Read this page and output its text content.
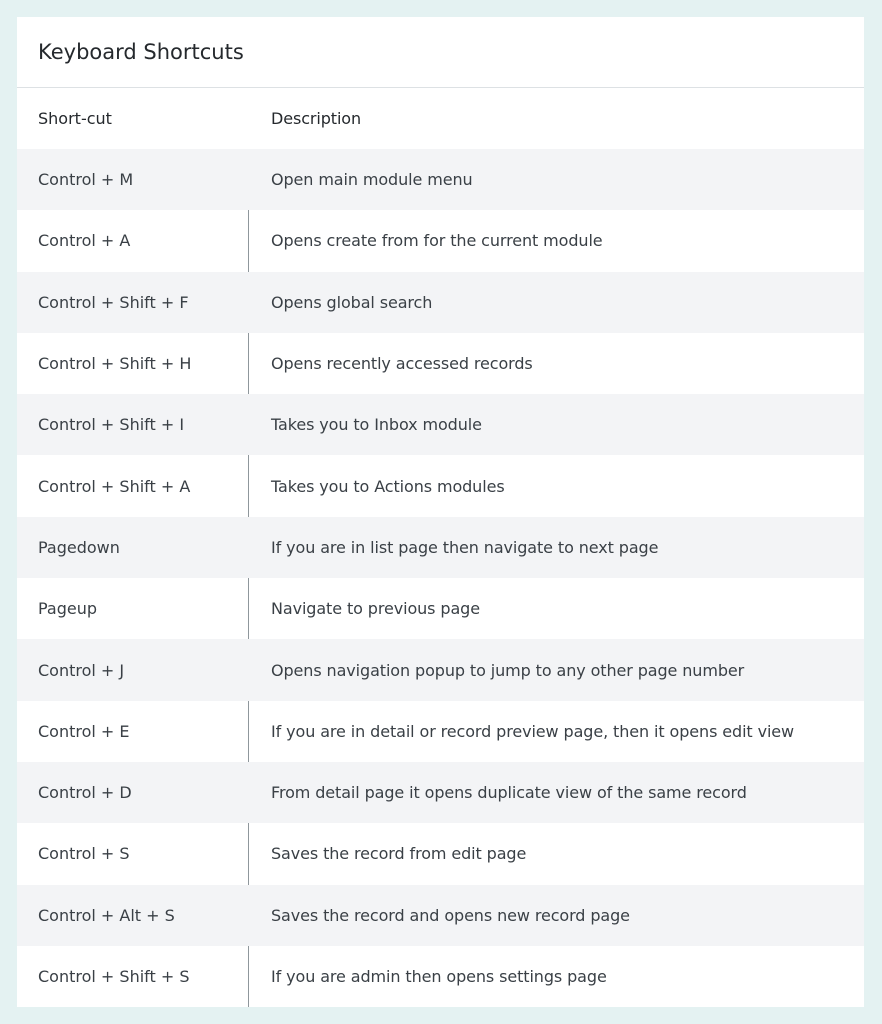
Keyboard Shortcuts
Short-cut	Description
Control + M	Open main module menu
Control + A	Opens create from for the current module
Control + Shift + F	Opens global search
Control + Shift + H	Opens recently accessed records
Control + Shift + I	Takes you to Inbox module
Control + Shift + A	Takes you to Actions modules
Pagedown	If you are in list page then navigate to next page
Pageup	Navigate to previous page
Control + J	Opens navigation popup to jump to any other page number
Control + E	If you are in detail or record preview page, then it opens edit view
Control + D	From detail page it opens duplicate view of the same record
Control + S	Saves the record from edit page
Control + Alt + S	Saves the record and opens new record page
Control + Shift + S	If you are admin then opens settings page
